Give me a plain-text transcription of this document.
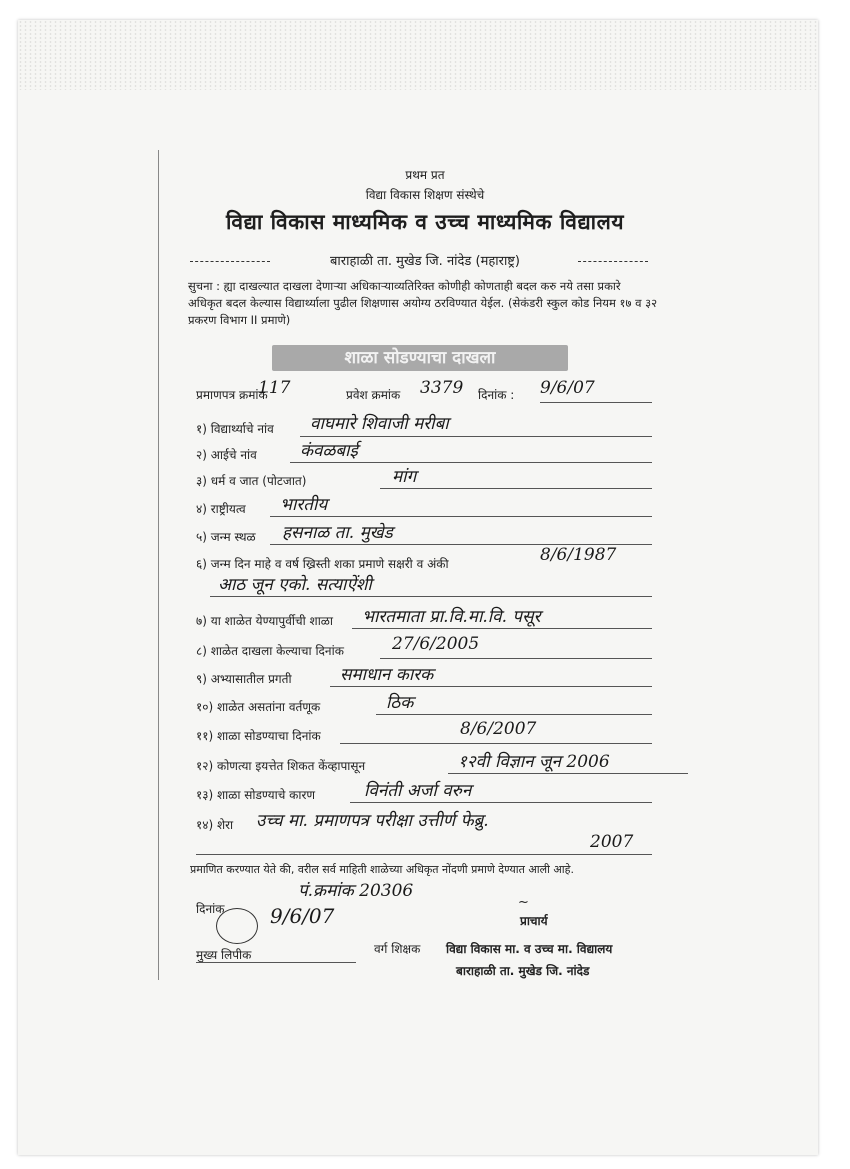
प्रथम प्रत
विद्या विकास शिक्षण संस्थेचे
विद्या विकास माध्यमिक व उच्च माध्यमिक विद्यालय
बाराहाळी ता. मुखेड जि. नांदेड (महाराष्ट्र)
सुचना : ह्या दाखल्यात दाखला देणाऱ्या अधिकाऱ्याव्यतिरिक्त कोणीही कोणताही बदल करु नये तसा प्रकारे अधिकृत बदल केल्यास विद्यार्थ्याला पुढील शिक्षणास अयोग्य ठरविण्यात येईल. (सेकंडरी स्कुल कोड नियम १७ व ३२ प्रकरण विभाग II प्रमाणे)
शाळा सोडण्याचा दाखला
प्रमाणपत्र क्रमांक
117	प्रवेश क्रमांक 3379 दिनांक : 9/6/07
१) विद्यार्थ्याचे नांव वाघमारे शिवाजी मरीबा
२) आईचे नांव	कंवळबाई
३) धर्म व जात (पोटजात)	मांग
४) राष्ट्रीयत्व भारतीय
५) जन्म स्थळ हसनाळ ता. मुखेड
६) जन्म दिन माहे व वर्ष ख्रिस्ती शका प्रमाणे सक्षरी व अंकी	8/6/1987
आठ जून एको. सत्याऐंशी
७) या शाळेत येण्यापुर्वीची शाळा भारतमाता प्रा.वि.मा.वि. पसूर
८) शाळेत दाखला केल्याचा दिनांक	27/6/2005
९) अभ्यासातील प्रगती	समाधान कारक
१०) शाळेत असतांना वर्तणूक	ठिक
११) शाळा सोडण्याचा दिनांक	8/6/2007
१२) कोणत्या इयत्तेत शिकत केंव्हापासून	१२वी विज्ञान जून 2006
१३) शाळा सोडण्याचे कारण	विनंती अर्जा वरुन
१४) शेरा उच्च मा. प्रमाणपत्र परीक्षा उत्तीर्ण फेब्रु.
2007
प्रमाणित करण्यात येते की, वरील सर्व माहिती शाळेच्या अधिकृत नोंदणी प्रमाणे देण्यात आली आहे.
पं.क्रमांक 20306
दिनांक 9/6/07
~
प्राचार्य
मुख्य लिपीक	वर्ग शिक्षक विद्या विकास मा. व उच्च मा. विद्यालय
बाराहाळी ता. मुखेड जि. नांदेड
